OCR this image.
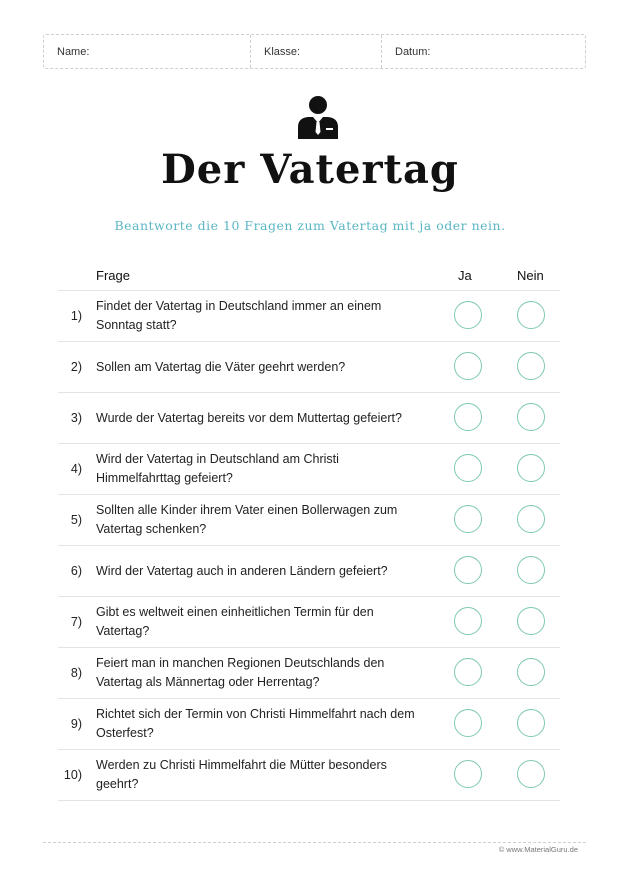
Name:	Klasse:	Datum:
Der Vatertag
Beantworte die 10 Fragen zum Vatertag mit ja oder nein.
Frage	Ja	Nein
1)
Findet der Vatertag in Deutschland immer an einem Sonntag statt?
2) Sollen am Vatertag die Väter geehrt werden?
3) Wurde der Vatertag bereits vor dem Muttertag gefeiert?
4)
Wird der Vatertag in Deutschland am Christi Himmelfahrttag gefeiert?
5)
Sollten alle Kinder ihrem Vater einen Bollerwagen zum Vatertag schenken?
6) Wird der Vatertag auch in anderen Ländern gefeiert?
7)
Gibt es weltweit einen einheitlichen Termin für den Vatertag?
8)
Feiert man in manchen Regionen Deutschlands den Vatertag als Männertag oder Herrentag?
9)
Richtet sich der Termin von Christi Himmelfahrt nach dem Osterfest?
10)
Werden zu Christi Himmelfahrt die Mütter besonders geehrt?
© www.MaterialGuru.de
